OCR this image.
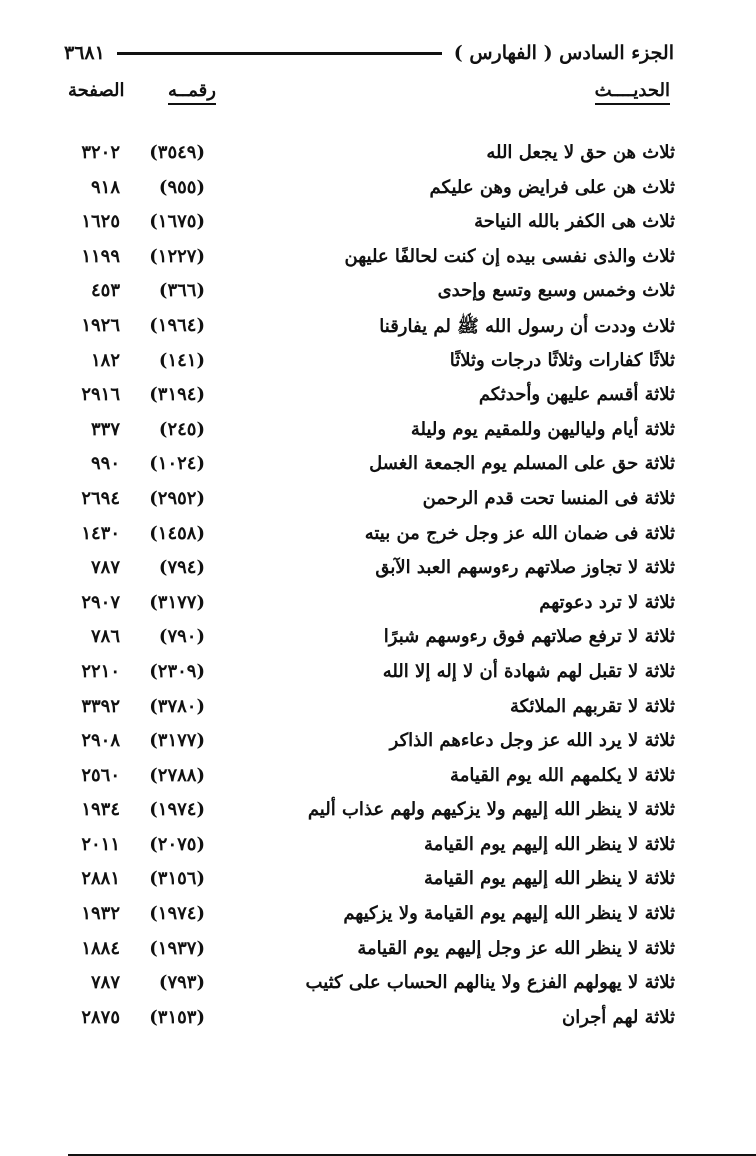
الجزء السادس ( الفهارس )
٣٦٨١
الحديــــث
رقمــه
الصفحة
ثلاث هن حق لا يجعل الله
(٣٥٤٩)
٣٢٠٢
ثلاث هن على فرايض وهن عليكم
(٩٥٥)
٩١٨
ثلاث هى الكفر بالله النياحة
(١٦٧٥)
١٦٢٥
ثلاث والذى نفسى بيده إن كنت لحالفًا عليهن
(١٢٢٧)
١١٩٩
ثلاث وخمس وسبع وتسع وإحدى
(٣٦٦)
٤٥٣
ثلاث وددت أن رسول الله ﷺ لم يفارقنا
(١٩٦٤)
١٩٢٦
ثلاثًا كفارات وثلاثًا درجات وثلاثًا
(١٤١)
١٨٢
ثلاثة أقسم عليهن وأحدثكم
(٣١٩٤)
٢٩١٦
ثلاثة أيام ولياليهن وللمقيم يوم وليلة
(٢٤٥)
٣٣٧
ثلاثة حق على المسلم يوم الجمعة الغسل
(١٠٢٤)
٩٩٠
ثلاثة فى المنسا تحت قدم الرحمن
(٢٩٥٢)
٢٦٩٤
ثلاثة فى ضمان الله عز وجل خرج من بيته
(١٤٥٨)
١٤٣٠
ثلاثة لا تجاوز صلاتهم رءوسهم العبد الآبق
(٧٩٤)
٧٨٧
ثلاثة لا ترد دعوتهم
(٣١٧٧)
٢٩٠٧
ثلاثة لا ترفع صلاتهم فوق رءوسهم شبرًا
(٧٩٠)
٧٨٦
ثلاثة لا تقبل لهم شهادة أن لا إله إلا الله
(٢٣٠٩)
٢٢١٠
ثلاثة لا تقربهم الملائكة
(٣٧٨٠)
٣٣٩٢
ثلاثة لا يرد الله عز وجل دعاءهم الذاكر
(٣١٧٧)
٢٩٠٨
ثلاثة لا يكلمهم الله يوم القيامة
(٢٧٨٨)
٢٥٦٠
ثلاثة لا ينظر الله إليهم ولا يزكيهم ولهم عذاب أليم
(١٩٧٤)
١٩٣٤
ثلاثة لا ينظر الله إليهم يوم القيامة
(٢٠٧٥)
٢٠١١
ثلاثة لا ينظر الله إليهم يوم القيامة
(٣١٥٦)
٢٨٨١
ثلاثة لا ينظر الله إليهم يوم القيامة ولا يزكيهم
(١٩٧٤)
١٩٣٢
ثلاثة لا ينظر الله عز وجل إليهم يوم القيامة
(١٩٣٧)
١٨٨٤
ثلاثة لا يهولهم الفزع ولا ينالهم الحساب على كثيب
(٧٩٣)
٧٨٧
ثلاثة لهم أجران
(٣١٥٣)
٢٨٧٥
